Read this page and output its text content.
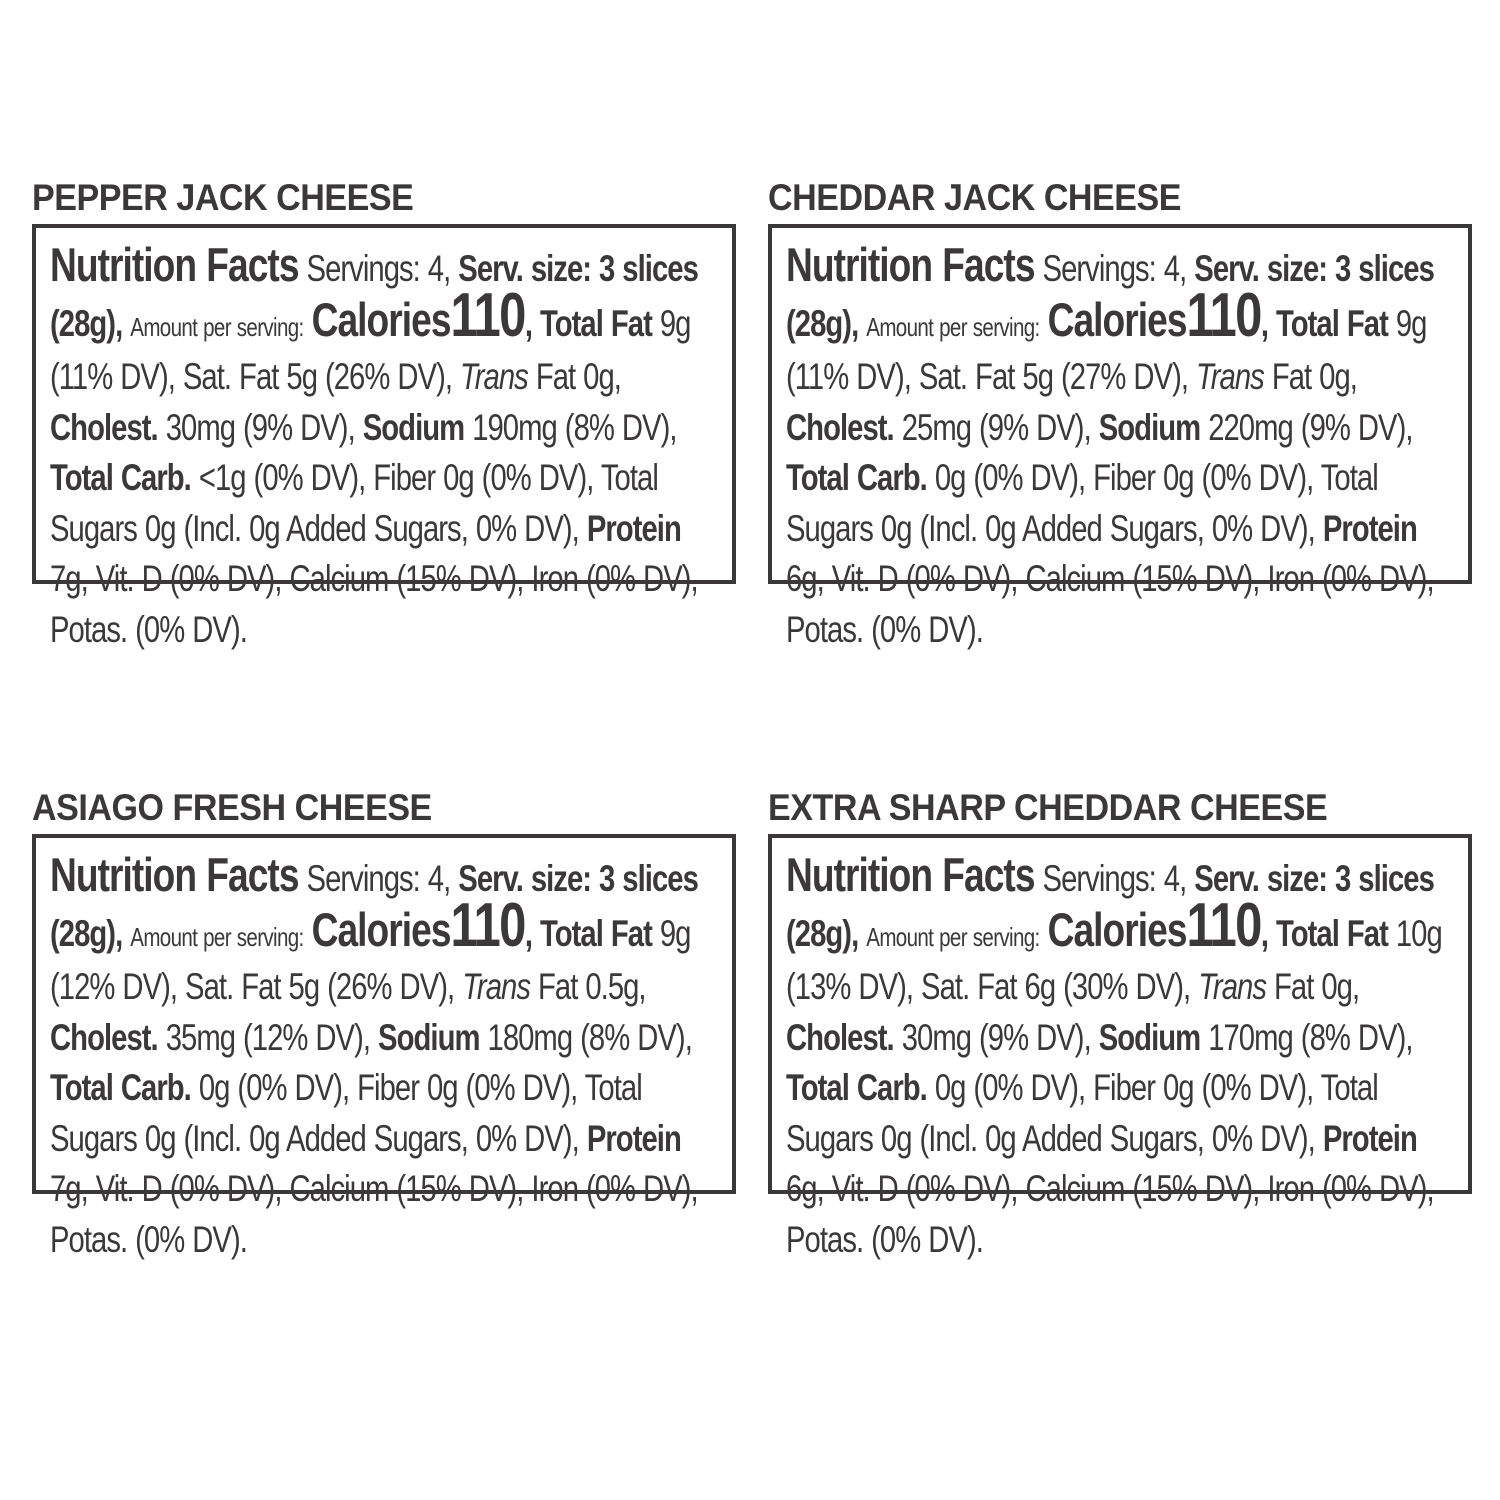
PEPPER JACK CHEESE
Nutrition Facts Servings: 4, Serv. size: 3 slices (28g), Amount per serving: Calories110, Total Fat 9g (11% DV), Sat. Fat 5g (26% DV), Trans Fat 0g, Cholest. 30mg (9% DV), Sodium 190mg (8% DV), Total Carb. <1g (0% DV), Fiber 0g (0% DV), Total Sugars 0g (Incl. 0g Added Sugars, 0% DV), Protein 7g, Vit. D (0% DV), Calcium (15% DV), Iron (0% DV), Potas. (0% DV).
CHEDDAR JACK CHEESE
Nutrition Facts Servings: 4, Serv. size: 3 slices (28g), Amount per serving: Calories110, Total Fat 9g (11% DV), Sat. Fat 5g (27% DV), Trans Fat 0g, Cholest. 25mg (9% DV), Sodium 220mg (9% DV), Total Carb. 0g (0% DV), Fiber 0g (0% DV), Total Sugars 0g (Incl. 0g Added Sugars, 0% DV), Protein 6g, Vit. D (0% DV), Calcium (15% DV), Iron (0% DV), Potas. (0% DV).
ASIAGO FRESH CHEESE
Nutrition Facts Servings: 4, Serv. size: 3 slices (28g), Amount per serving: Calories110, Total Fat 9g (12% DV), Sat. Fat 5g (26% DV), Trans Fat 0.5g, Cholest. 35mg (12% DV), Sodium 180mg (8% DV), Total Carb. 0g (0% DV), Fiber 0g (0% DV), Total Sugars 0g (Incl. 0g Added Sugars, 0% DV), Protein 7g, Vit. D (0% DV), Calcium (15% DV), Iron (0% DV), Potas. (0% DV).
EXTRA SHARP CHEDDAR CHEESE
Nutrition Facts Servings: 4, Serv. size: 3 slices (28g), Amount per serving: Calories110, Total Fat 10g (13% DV), Sat. Fat 6g (30% DV), Trans Fat 0g, Cholest. 30mg (9% DV), Sodium 170mg (8% DV), Total Carb. 0g (0% DV), Fiber 0g (0% DV), Total Sugars 0g (Incl. 0g Added Sugars, 0% DV), Protein 6g, Vit. D (0% DV), Calcium (15% DV), Iron (0% DV), Potas. (0% DV).
